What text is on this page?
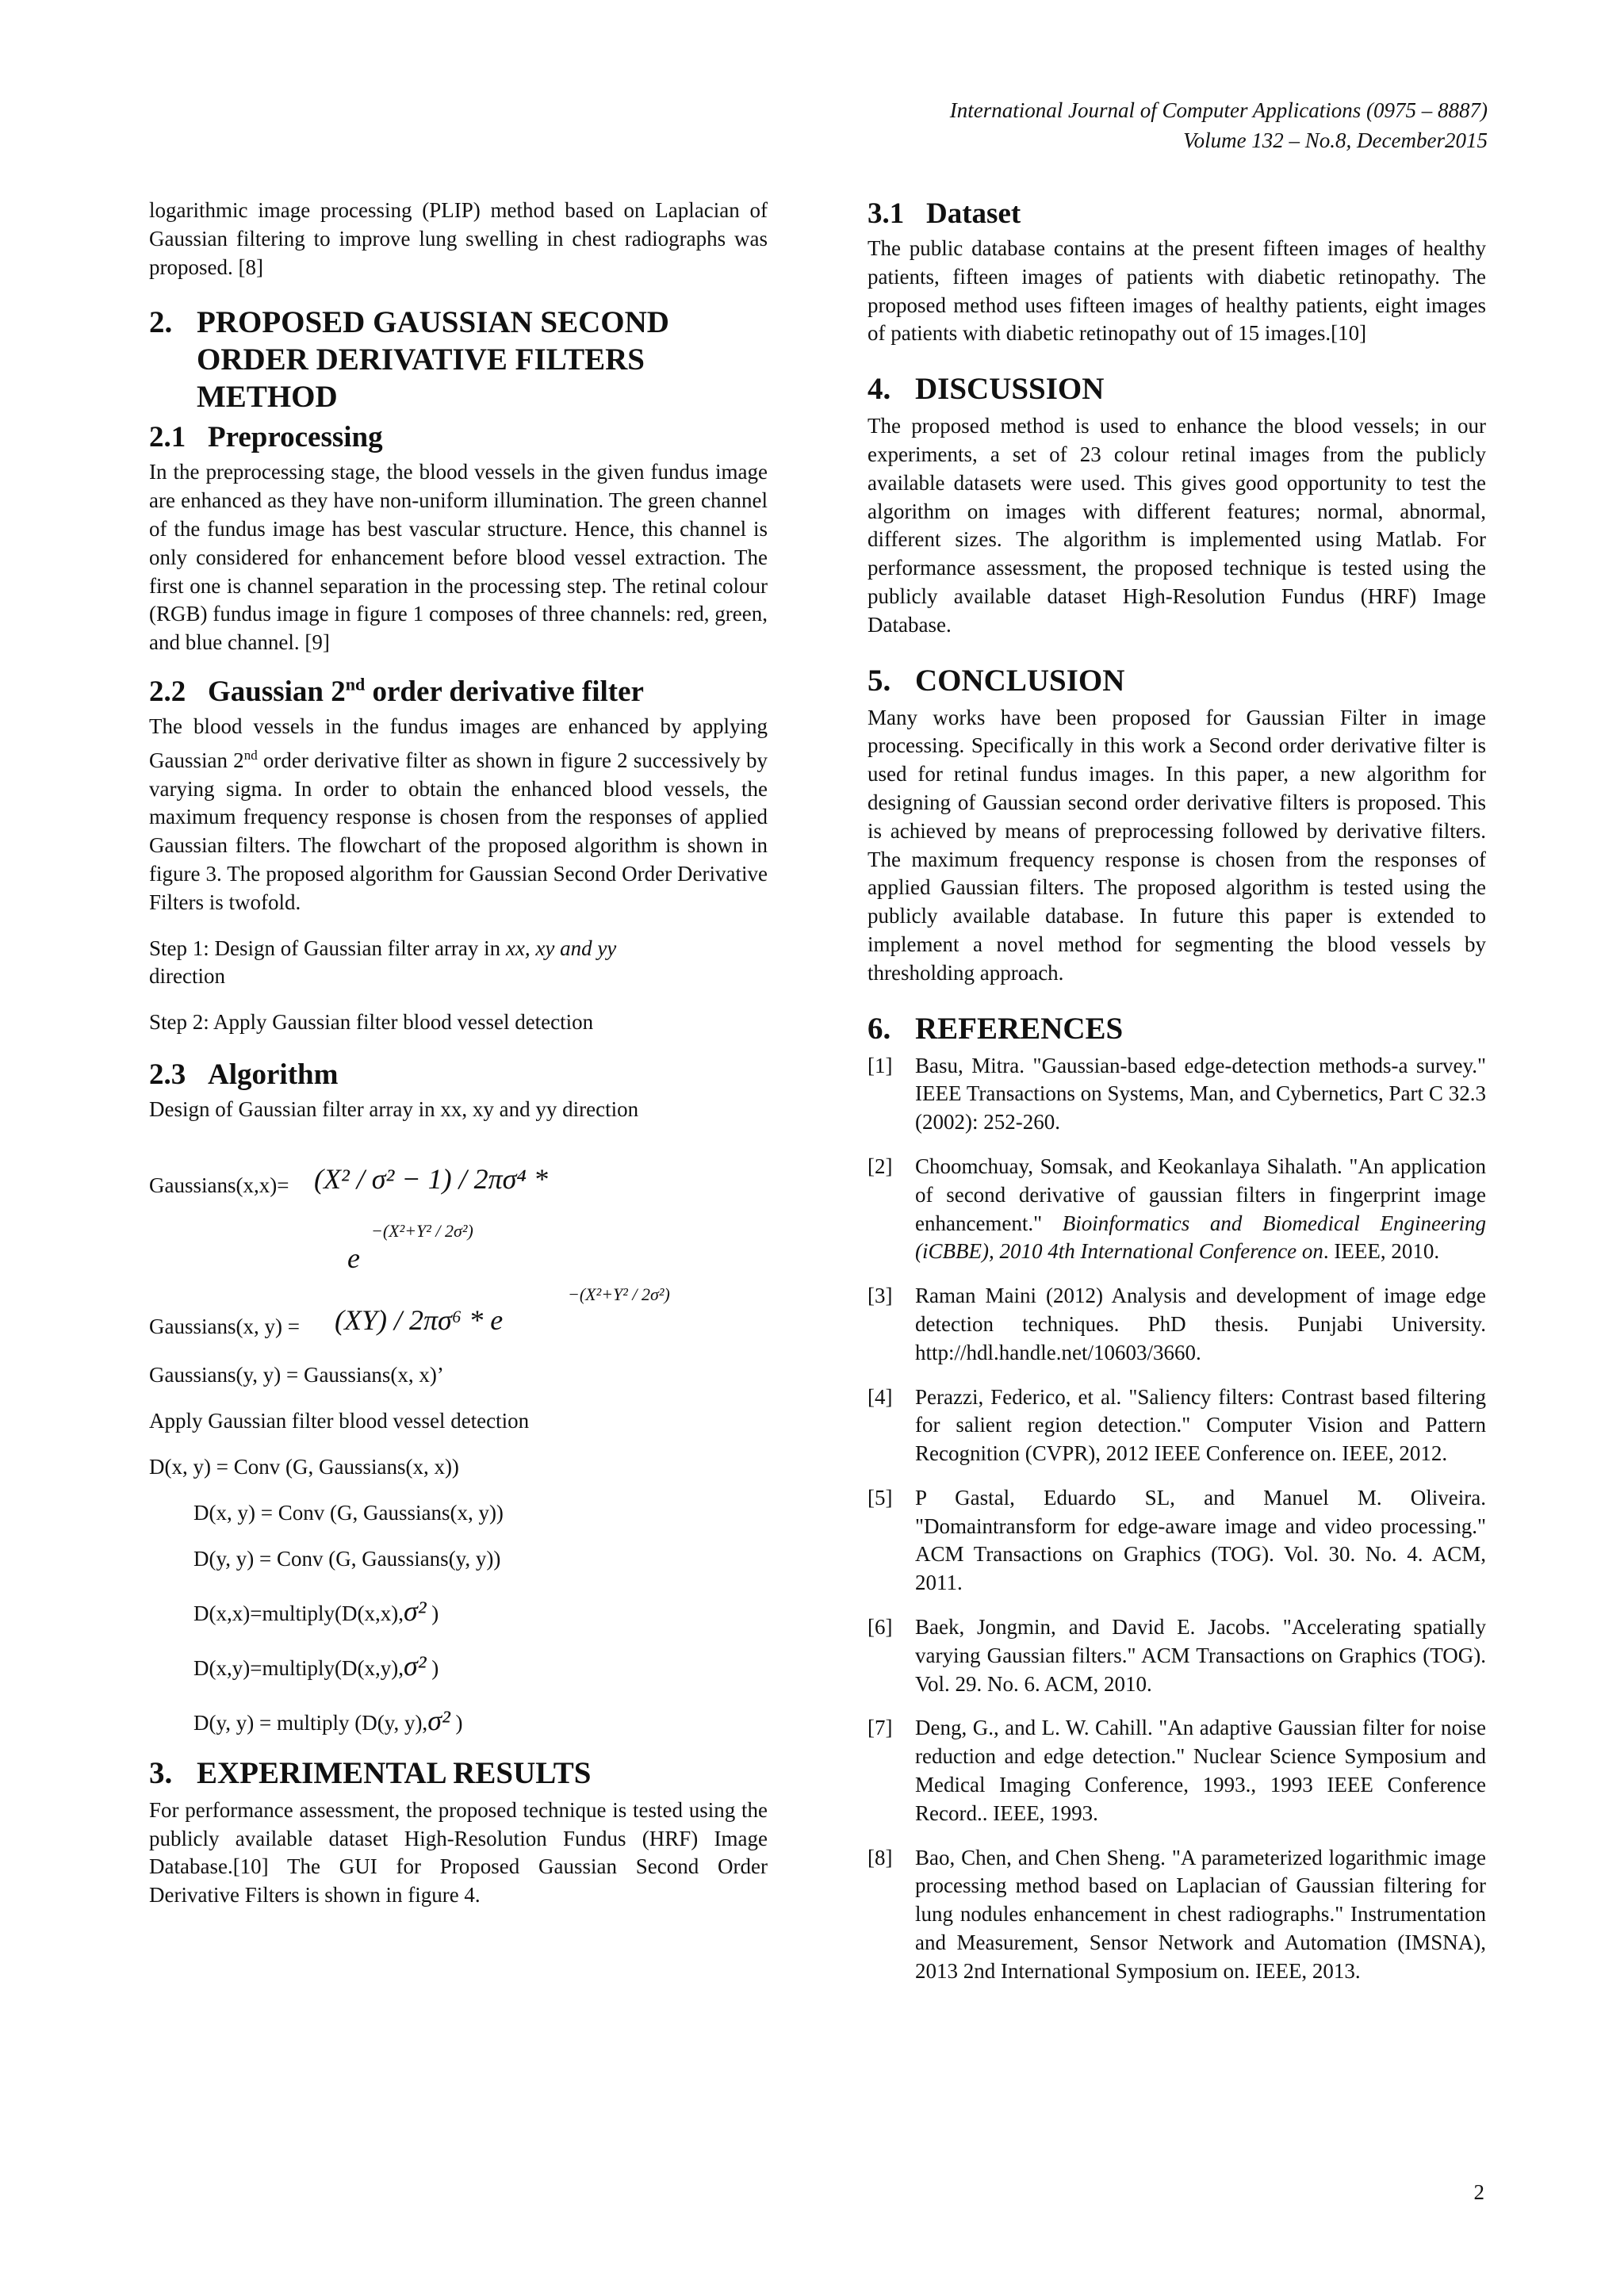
International Journal of Computer Applications (0975 – 8887)
Volume 132 – No.8, December2015

logarithmic image processing (PLIP) method based on Laplacian of Gaussian filtering to improve lung swelling in chest radiographs was proposed. [8]

2. PROPOSED GAUSSIAN SECOND ORDER DERIVATIVE FILTERS METHOD
2.1 Preprocessing

In the preprocessing stage, the blood vessels in the given fundus image are enhanced as they have non-uniform illumination. The green channel of the fundus image has best vascular structure. Hence, this channel is only considered for enhancement before blood vessel extraction. The first one is channel separation in the processing step. The retinal colour (RGB) fundus image in figure 1 composes of three channels: red, green, and blue channel. [9]

2.2 Gaussian 2nd order derivative filter

The blood vessels in the fundus images are enhanced by applying Gaussian 2nd order derivative filter as shown in figure 2 successively by varying sigma. In order to obtain the enhanced blood vessels, the maximum frequency response is chosen from the responses of applied Gaussian filters. The flowchart of the proposed algorithm is shown in figure 3. The proposed algorithm for Gaussian Second Order Derivative Filters is twofold.

Step 1: Design of Gaussian filter array in xx, xy and yy
direction

Step 2: Apply Gaussian filter blood vessel detection

2.3 Algorithm

Design of Gaussian filter array in xx, xy and yy direction

Gaussians(x,x)= (X² / σ² − 1) / 2πσ⁴ *
−(X²+Y² / 2σ²)
e
Gaussians(x, y) = (XY) / 2πσ⁶ * e
−(X²+Y² / 2σ²)
Gaussians(y, y) = Gaussians(x, x)’
Apply Gaussian filter blood vessel detection
D(x, y) = Conv (G, Gaussians(x, x))
D(x, y) = Conv (G, Gaussians(x, y))
D(y, y) = Conv (G, Gaussians(y, y))
D(x,x)=multiply(D(x,x),σ² )
D(x,y)=multiply(D(x,y),σ² )
D(y, y) = multiply (D(y, y),σ² )
3. EXPERIMENTAL RESULTS

For performance assessment, the proposed technique is tested using the publicly available dataset High-Resolution Fundus (HRF) Image Database.[10] The GUI for Proposed Gaussian Second Order Derivative Filters is shown in figure 4.

3.1 Dataset

The public database contains at the present fifteen images of healthy patients, fifteen images of patients with diabetic retinopathy. The proposed method uses fifteen images of healthy patients, eight images of patients with diabetic retinopathy out of 15 images.[10]

4. DISCUSSION

The proposed method is used to enhance the blood vessels; in our experiments, a set of 23 colour retinal images from the publicly available datasets were used. This gives good opportunity to test the algorithm on images with different features; normal, abnormal, different sizes. The algorithm is implemented using Matlab. For performance assessment, the proposed technique is tested using the publicly available dataset High-Resolution Fundus (HRF) Image Database.

5. CONCLUSION

Many works have been proposed for Gaussian Filter in image processing. Specifically in this work a Second order derivative filter is used for retinal fundus images. In this paper, a new algorithm for designing of Gaussian second order derivative filters is proposed. This is achieved by means of preprocessing followed by derivative filters. The maximum frequency response is chosen from the responses of applied Gaussian filters. The proposed algorithm is tested using the publicly available database. In future this paper is extended to implement a novel method for segmenting the blood vessels by thresholding approach.

6. REFERENCES
[1]	Basu, Mitra. "Gaussian-based edge-detection methods-a survey." IEEE Transactions on Systems, Man, and Cybernetics, Part C 32.3 (2002): 252-260.
[2]	Choomchuay, Somsak, and Keokanlaya Sihalath. "An application of second derivative of gaussian filters in fingerprint image enhancement." Bioinformatics and Biomedical Engineering (iCBBE), 2010 4th International Conference on. IEEE, 2010.
[3]	Raman Maini (2012) Analysis and development of image edge detection techniques. PhD thesis. Punjabi University. http://hdl.handle.net/10603/3660.
[4]	Perazzi, Federico, et al. "Saliency filters: Contrast based filtering for salient region detection." Computer Vision and Pattern Recognition (CVPR), 2012 IEEE Conference on. IEEE, 2012.
[5]	P Gastal, Eduardo SL, and Manuel M. Oliveira. "Domaintransform for edge-aware image and video processing." ACM Transactions on Graphics (TOG). Vol. 30. No. 4. ACM, 2011.
[6]	Baek, Jongmin, and David E. Jacobs. "Accelerating spatially varying Gaussian filters." ACM Transactions on Graphics (TOG). Vol. 29. No. 6. ACM, 2010.
[7]	Deng, G., and L. W. Cahill. "An adaptive Gaussian filter for noise reduction and edge detection." Nuclear Science Symposium and Medical Imaging Conference, 1993., 1993 IEEE Conference Record.. IEEE, 1993.
[8]	Bao, Chen, and Chen Sheng. "A parameterized logarithmic image processing method based on Laplacian of Gaussian filtering for lung nodules enhancement in chest radiographs." Instrumentation and Measurement, Sensor Network and Automation (IMSNA), 2013 2nd International Symposium on. IEEE, 2013.
2
